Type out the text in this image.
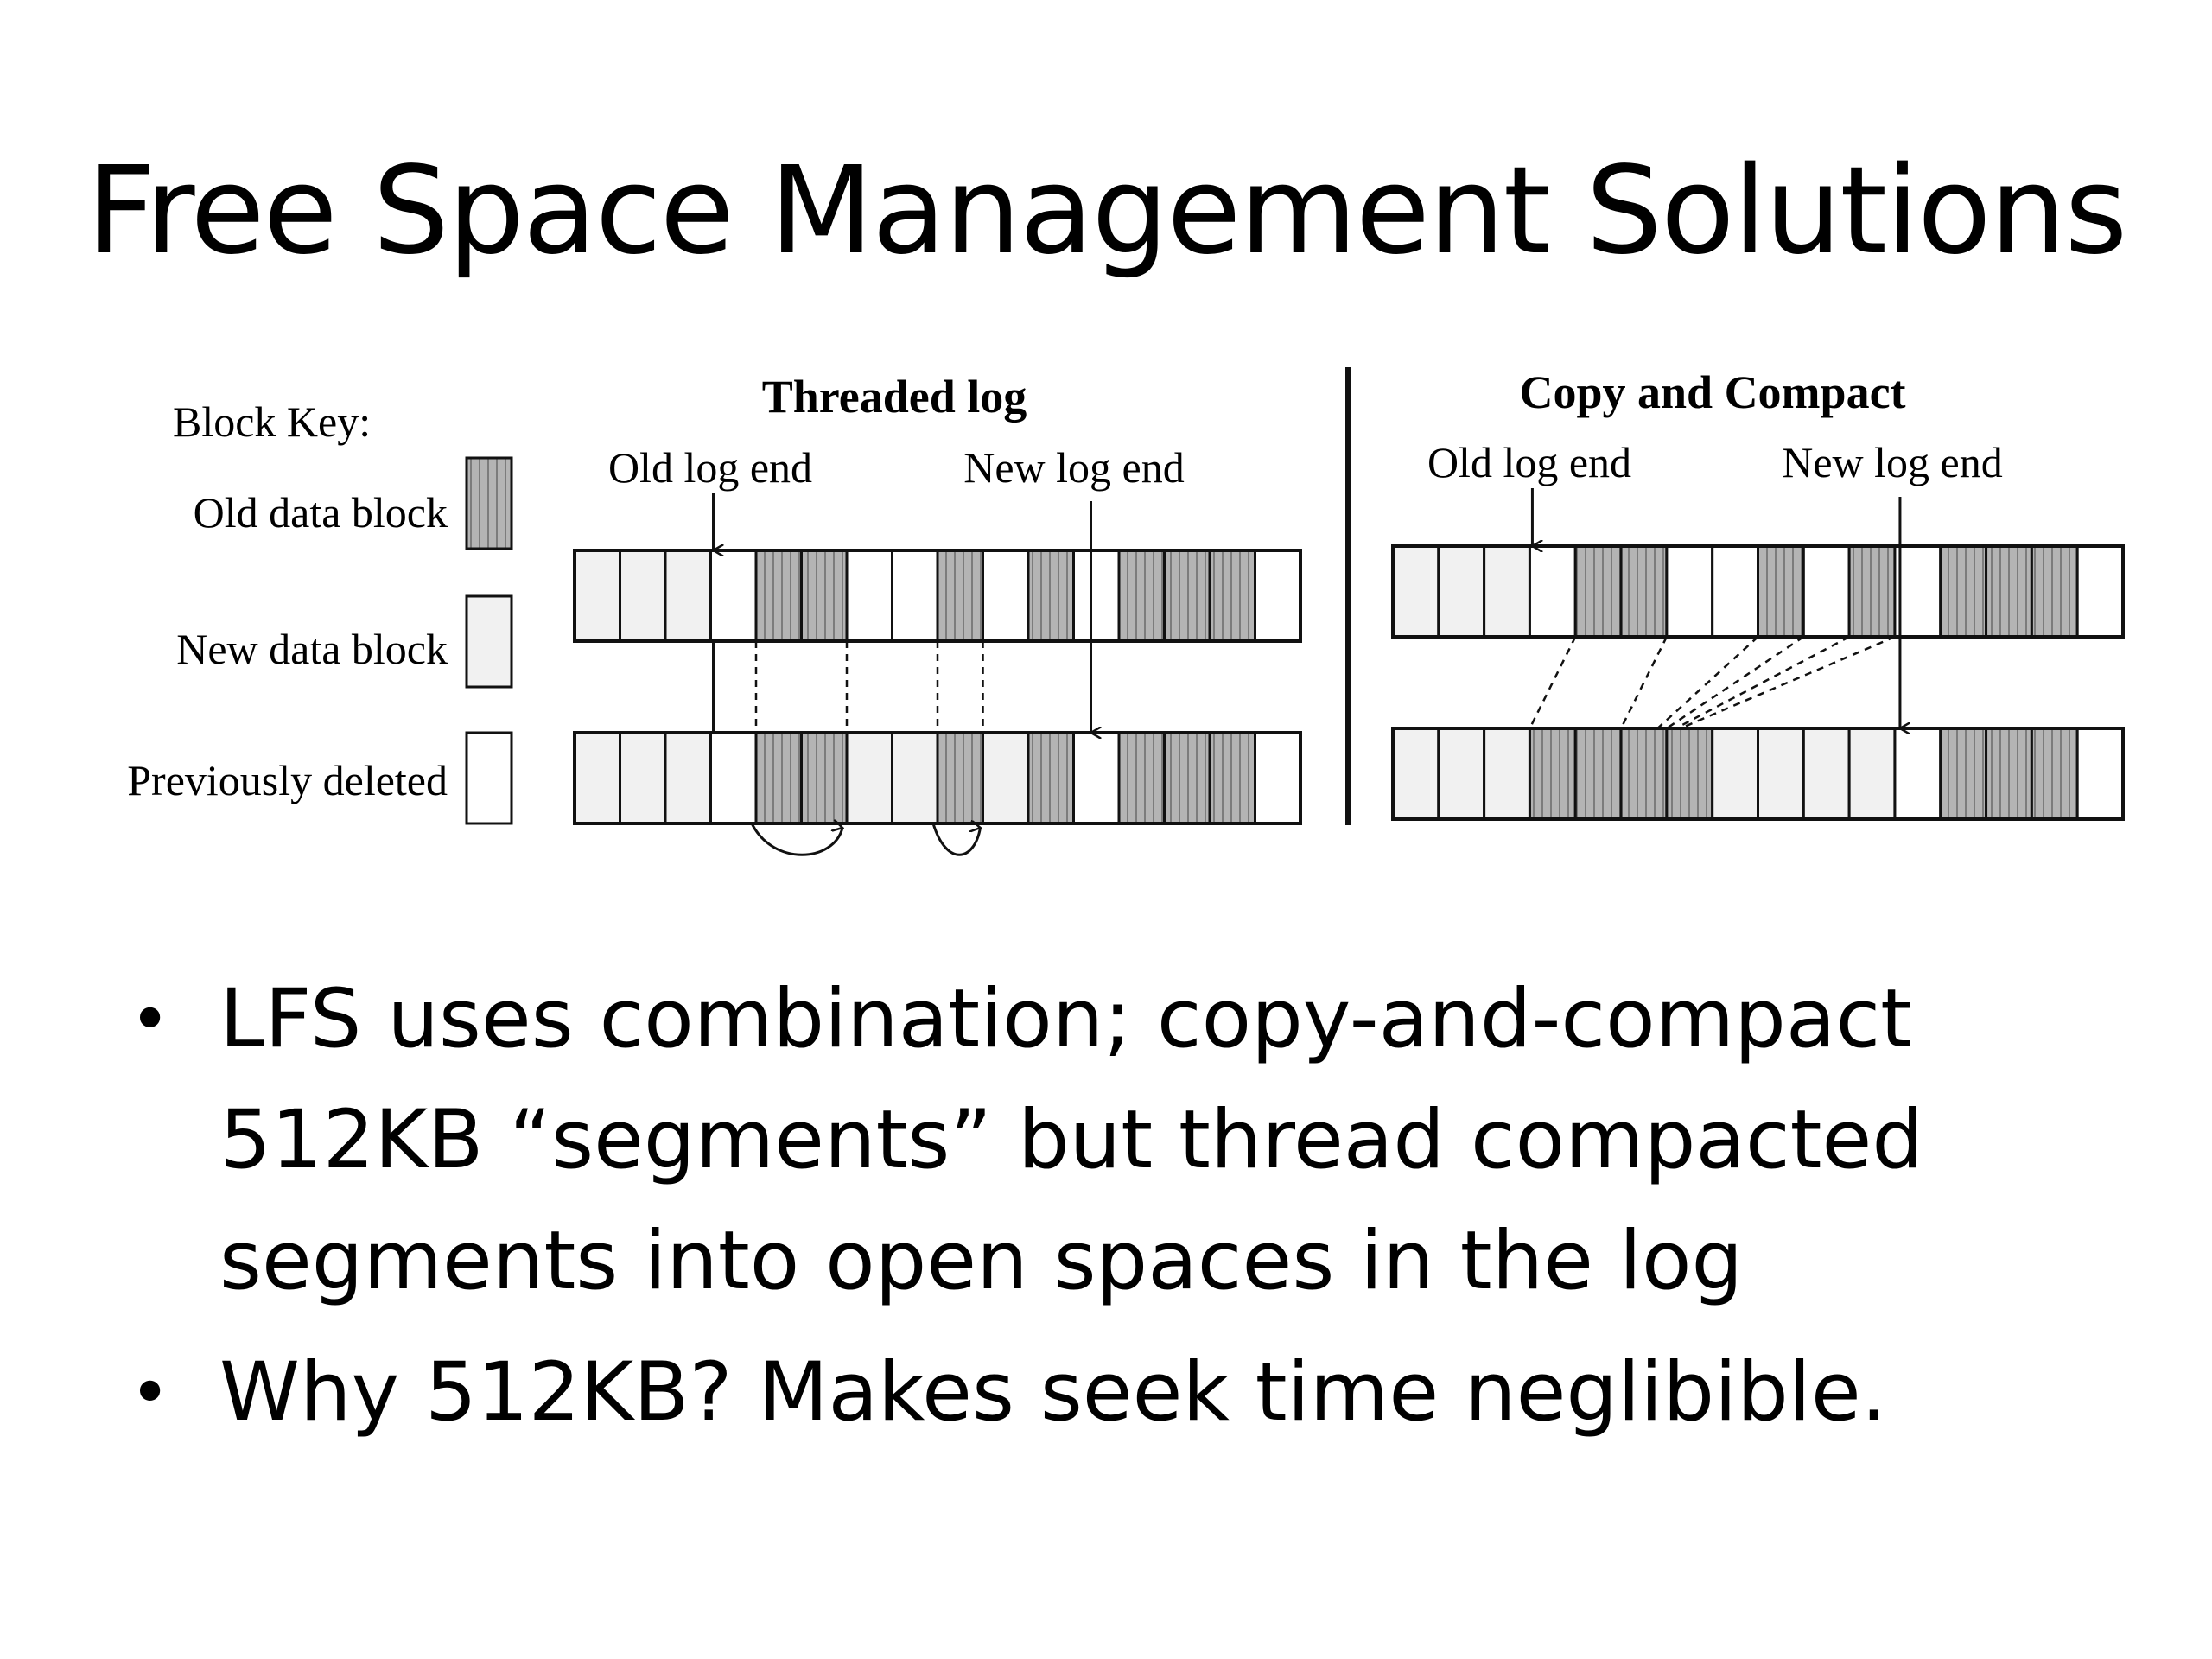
Free Space Management Solutions
Block Key:
Old data block
New data block
Previously deleted
Threaded log
Old log end	New log end
Copy and Compact
Old log end	New log end
• LFS uses combination; copy-and-compact 512KB “segments” but thread compacted segments into open spaces in the log
• Why 512KB? Makes seek time neglibible.
